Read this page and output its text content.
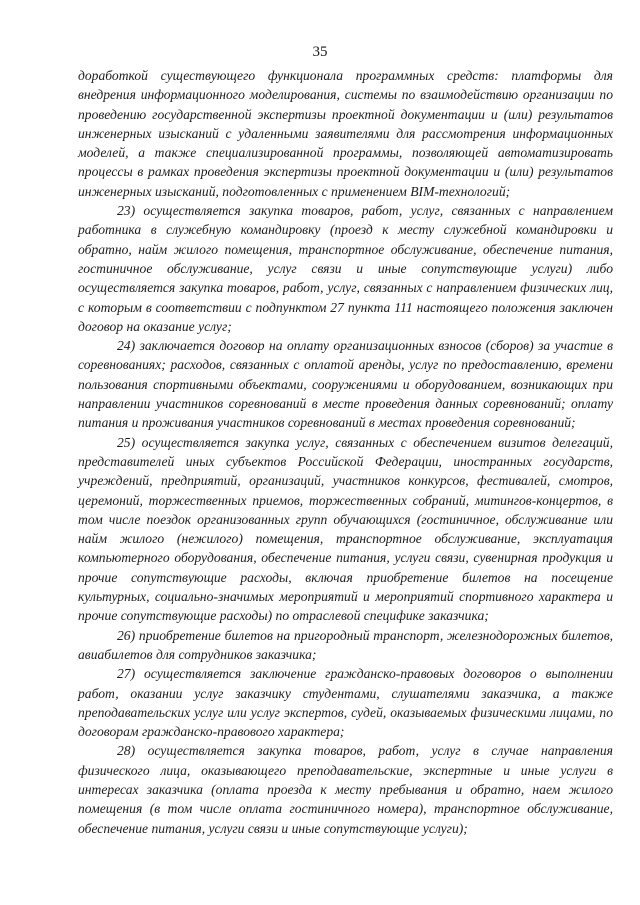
35

доработкой существующего функционала программных средств: платформы для внедрения информационного моделирования, системы по взаимодействию организации по проведению государственной экспертизы проектной документации и (или) результатов инженерных изысканий с удаленными заявителями для рассмотрения информационных моделей, а также специализированной программы, позволяющей автоматизировать процессы в рамках проведения экспертизы проектной документации и (или) результатов инженерных изысканий, подготовленных с применением BIM-технологий;

23) осуществляется закупка товаров, работ, услуг, связанных с направлением работника в служебную командировку (проезд к месту служебной командировки и обратно, найм жилого помещения, транспортное обслуживание, обеспечение питания, гостиничное обслуживание, услуг связи и иные сопутствующие услуги) либо осуществляется закупка товаров, работ, услуг, связанных с направлением физических лиц, с которым в соответствии с подпунктом 27 пункта 111 настоящего положения заключен договор на оказание услуг;

24) заключается договор на оплату организационных взносов (сборов) за участие в соревнованиях; расходов, связанных с оплатой аренды, услуг по предоставлению, времени пользования спортивными объектами, сооружениями и оборудованием, возникающих при направлении участников соревнований в месте проведения данных соревнований; оплату питания и проживания участников соревнований в местах проведения соревнований;

25) осуществляется закупка услуг, связанных с обеспечением визитов делегаций, представителей иных субъектов Российской Федерации, иностранных государств, учреждений, предприятий, организаций, участников конкурсов, фестивалей, смотров, церемоний, торжественных приемов, торжественных собраний, митингов-концертов, в том числе поездок организованных групп обучающихся (гостиничное, обслуживание или найм жилого (нежилого) помещения, транспортное обслуживание, эксплуатация компьютерного оборудования, обеспечение питания, услуги связи, сувенирная продукция и прочие сопутствующие расходы, включая приобретение билетов на посещение культурных, социально-значимых мероприятий и мероприятий спортивного характера и прочие сопутствующие расходы) по отраслевой специфике заказчика;

26) приобретение билетов на пригородный транспорт, железнодорожных билетов, авиабилетов для сотрудников заказчика;

27) осуществляется заключение гражданско-правовых договоров о выполнении работ, оказании услуг заказчику студентами, слушателями заказчика, а также преподавательских услуг или услуг экспертов, судей, оказываемых физическими лицами, по договорам гражданско-правового характера;

28) осуществляется закупка товаров, работ, услуг в случае направления физического лица, оказывающего преподавательские, экспертные и иные услуги в интересах заказчика (оплата проезда к месту пребывания и обратно, наем жилого помещения (в том числе оплата гостиничного номера), транспортное обслуживание, обеспечение питания, услуги связи и иные сопутствующие услуги);
